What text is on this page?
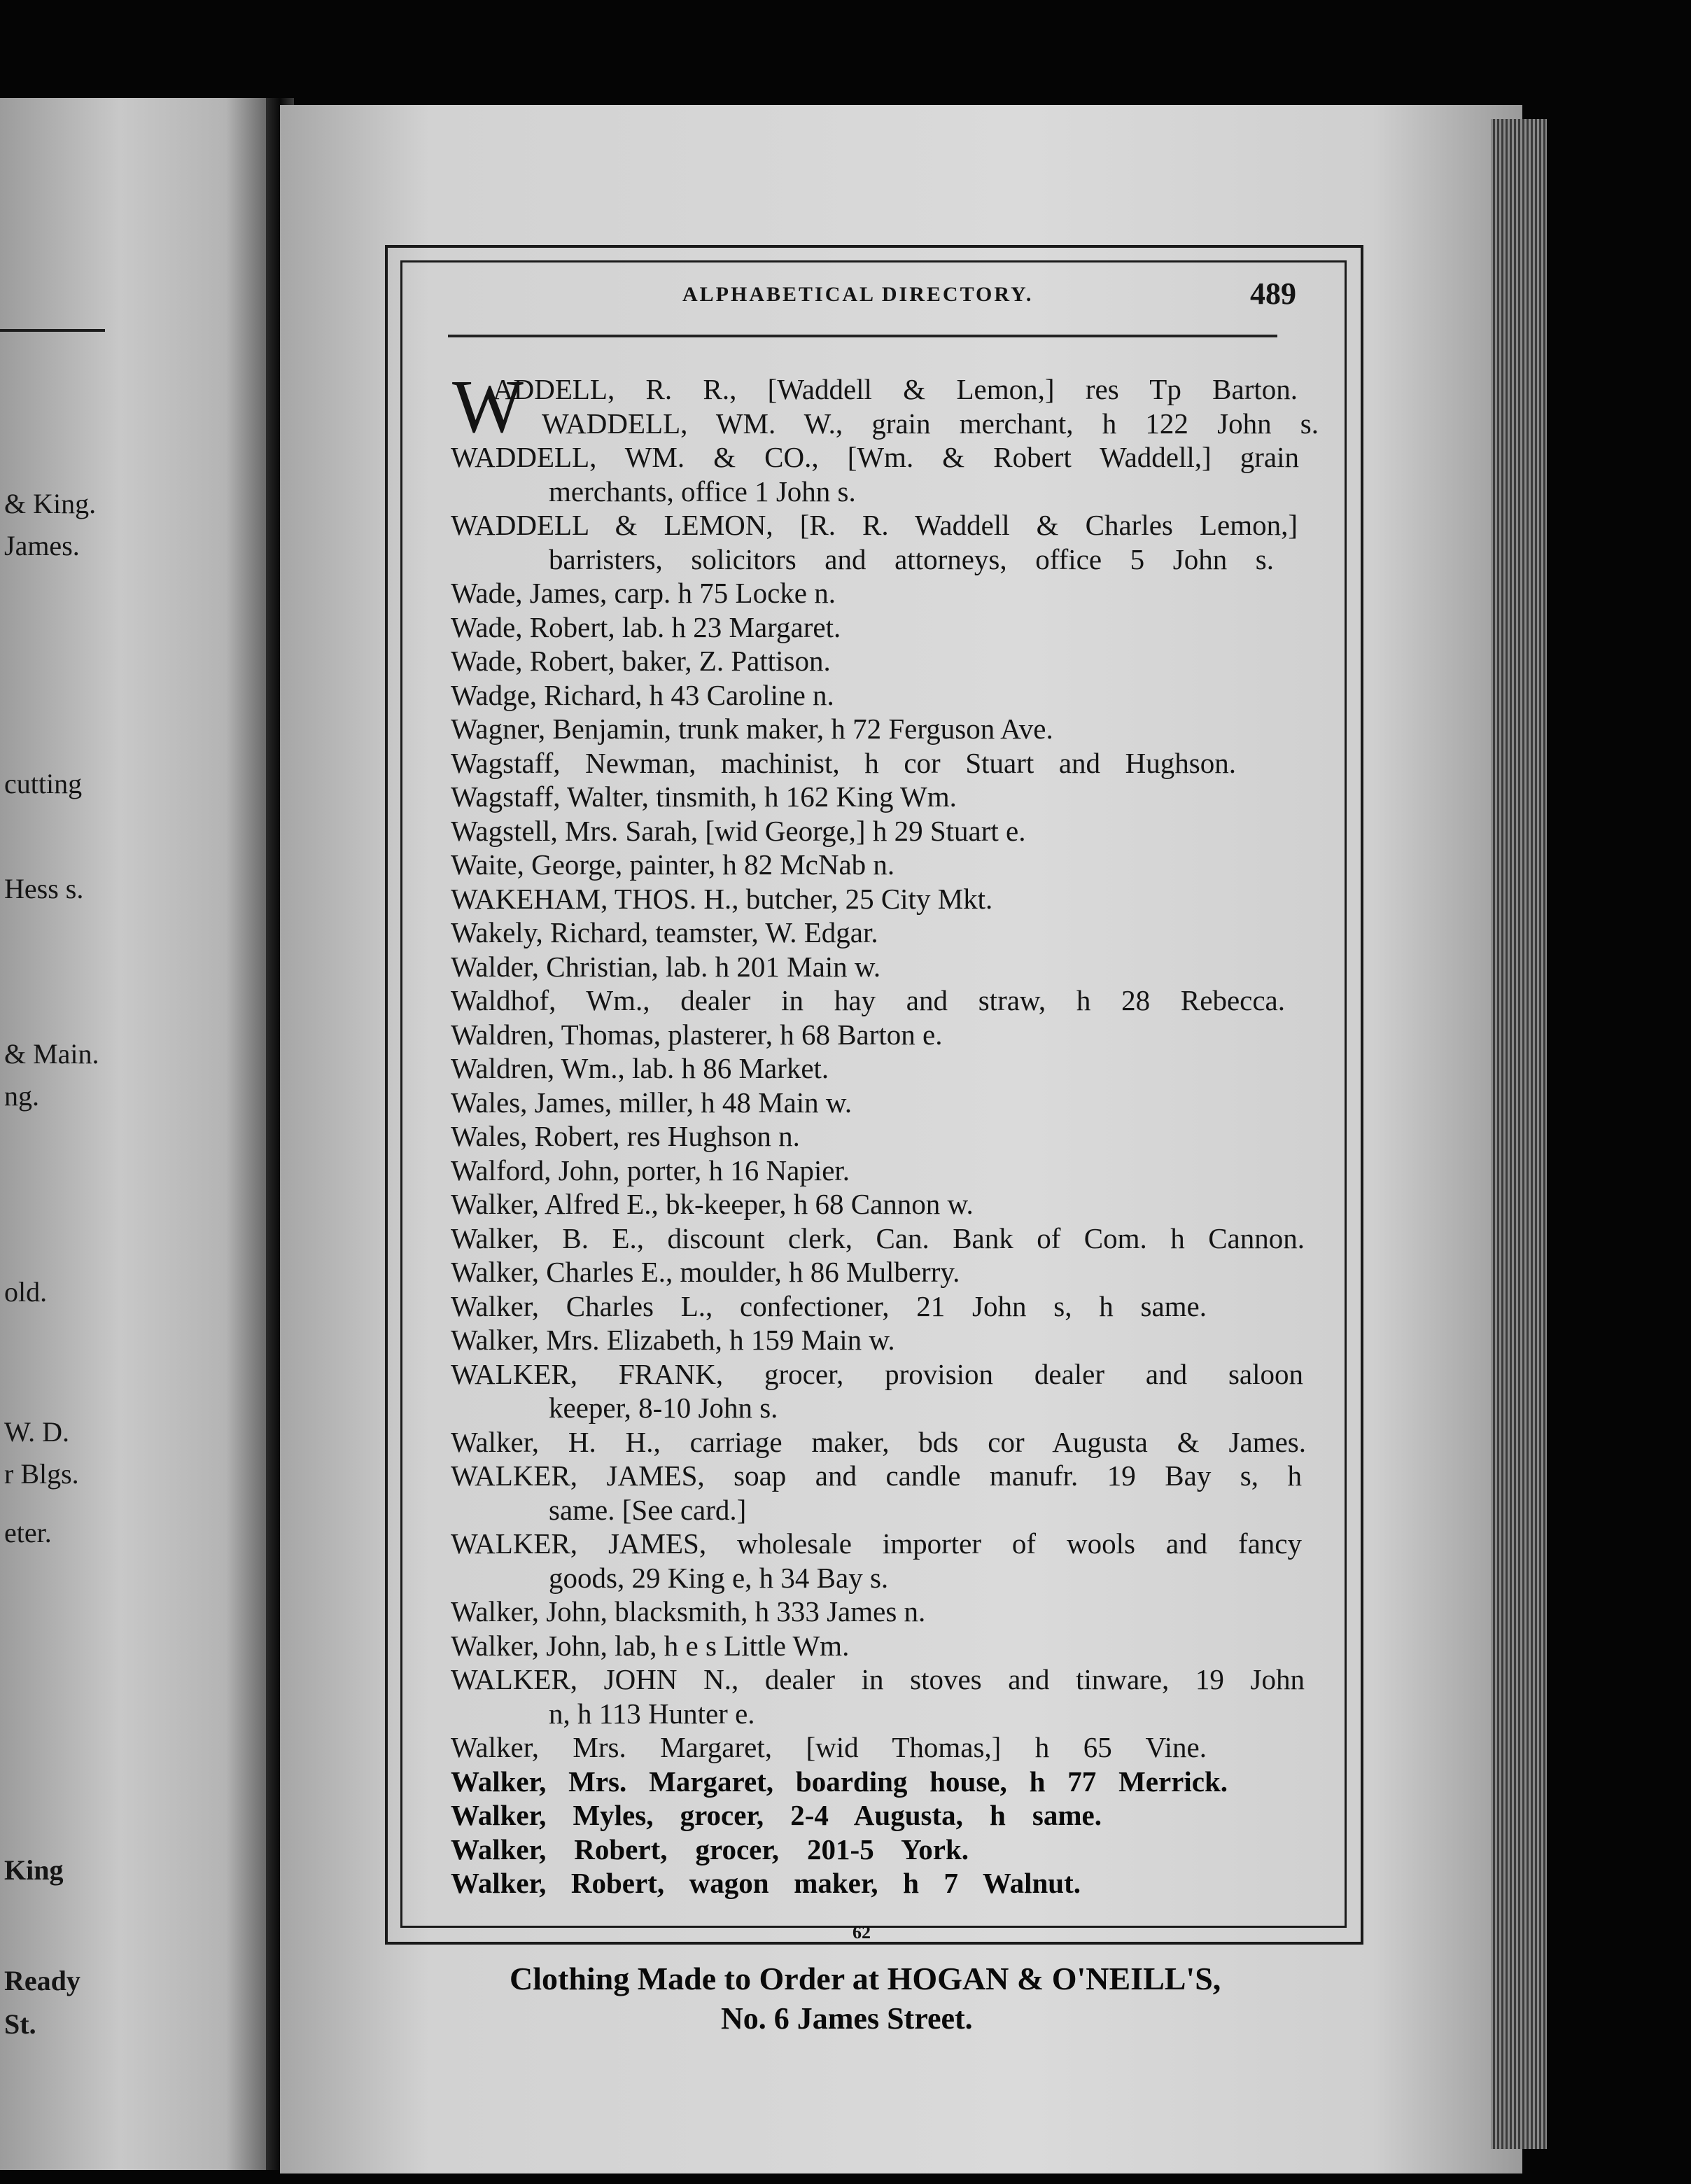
& King.
James.
cutting
Hess s.
& Main.
ng.
old.
W. D.
r Blgs.
eter.
King
Ready
St.
ALPHABETICAL DIRECTORY.	489
W
ADDELL, R. R., [Waddell & Lemon,] res Tp Barton.
WADDELL, WM. W., grain merchant, h 122 John s.
WADDELL, WM. & CO., [Wm. & Robert Waddell,] grain
merchants, office 1 John s.
WADDELL & LEMON, [R. R. Waddell & Charles Lemon,]
barristers, solicitors and attorneys, office 5 John s.
Wade, James, carp. h 75 Locke n.
Wade, Robert, lab. h 23 Margaret.
Wade, Robert, baker, Z. Pattison.
Wadge, Richard, h 43 Caroline n.
Wagner, Benjamin, trunk maker, h 72 Ferguson Ave.
Wagstaff, Newman, machinist, h cor Stuart and Hughson.
Wagstaff, Walter, tinsmith, h 162 King Wm.
Wagstell, Mrs. Sarah, [wid George,] h 29 Stuart e.
Waite, George, painter, h 82 McNab n.
WAKEHAM, THOS. H., butcher, 25 City Mkt.
Wakely, Richard, teamster, W. Edgar.
Walder, Christian, lab. h 201 Main w.
Waldhof, Wm., dealer in hay and straw, h 28 Rebecca.
Waldren, Thomas, plasterer, h 68 Barton e.
Waldren, Wm., lab. h 86 Market.
Wales, James, miller, h 48 Main w.
Wales, Robert, res Hughson n.
Walford, John, porter, h 16 Napier.
Walker, Alfred E., bk-keeper, h 68 Cannon w.
Walker, B. E., discount clerk, Can. Bank of Com. h Cannon.
Walker, Charles E., moulder, h 86 Mulberry.
Walker, Charles L., confectioner, 21 John s, h same.
Walker, Mrs. Elizabeth, h 159 Main w.
WALKER, FRANK, grocer, provision dealer and saloon
keeper, 8-10 John s.
Walker, H. H., carriage maker, bds cor Augusta & James.
WALKER, JAMES, soap and candle manufr. 19 Bay s, h
same. [See card.]
WALKER, JAMES, wholesale importer of wools and fancy
goods, 29 King e, h 34 Bay s.
Walker, John, blacksmith, h 333 James n.
Walker, John, lab, h e s Little Wm.
WALKER, JOHN N., dealer in stoves and tinware, 19 John
n, h 113 Hunter e.
Walker, Mrs. Margaret, [wid Thomas,] h 65 Vine.
Walker, Mrs. Margaret, boarding house, h 77 Merrick.
Walker, Myles, grocer, 2-4 Augusta, h same.
Walker, Robert, grocer, 201-5 York.
Walker, Robert, wagon maker, h 7 Walnut.
62
Clothing Made to Order at HOGAN & O'NEILL'S,
No. 6 James Street.
